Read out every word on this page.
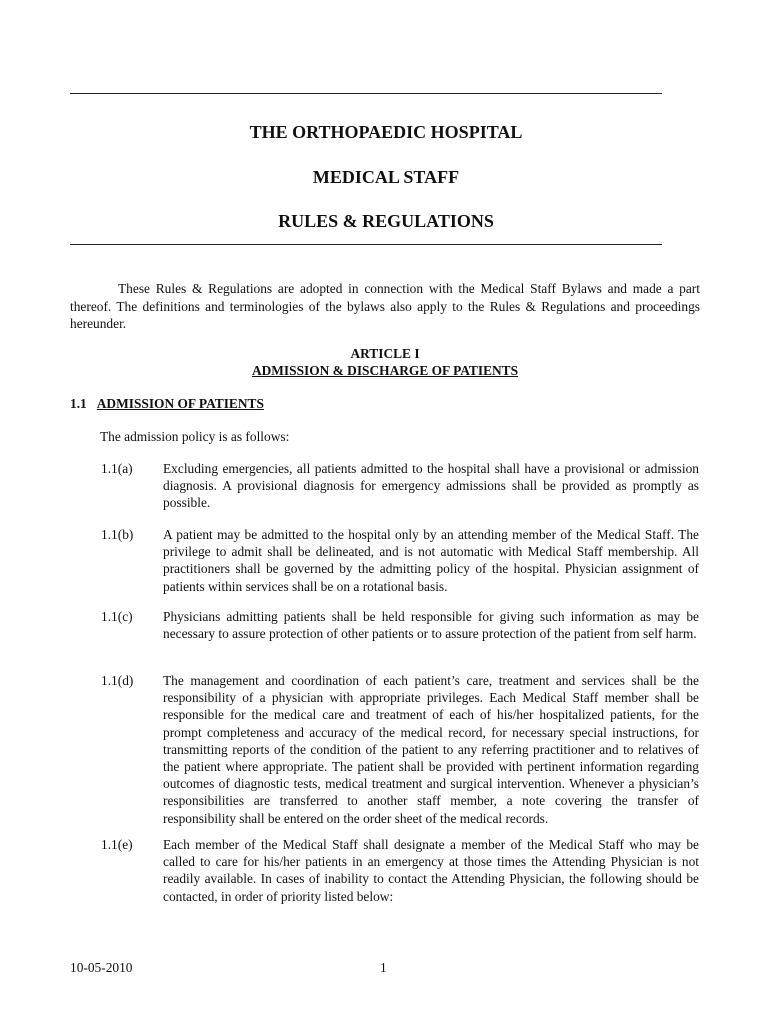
THE ORTHOPAEDIC HOSPITAL
MEDICAL STAFF
RULES & REGULATIONS
These Rules & Regulations are adopted in connection with the Medical Staff Bylaws and made a part thereof. The definitions and terminologies of the bylaws also apply to the Rules & Regulations and proceedings hereunder.
ARTICLE I
ADMISSION & DISCHARGE OF PATIENTS
1.1 ADMISSION OF PATIENTS
The admission policy is as follows:
1.1(a) Excluding emergencies, all patients admitted to the hospital shall have a provisional or admission diagnosis. A provisional diagnosis for emergency admissions shall be provided as promptly as possible.
1.1(b) A patient may be admitted to the hospital only by an attending member of the Medical Staff. The privilege to admit shall be delineated, and is not automatic with Medical Staff membership. All practitioners shall be governed by the admitting policy of the hospital. Physician assignment of patients within services shall be on a rotational basis.
1.1(c) Physicians admitting patients shall be held responsible for giving such information as may be necessary to assure protection of other patients or to assure protection of the patient from self harm.
1.1(d) The management and coordination of each patient’s care, treatment and services shall be the responsibility of a physician with appropriate privileges. Each Medical Staff member shall be responsible for the medical care and treatment of each of his/her hospitalized patients, for the prompt completeness and accuracy of the medical record, for necessary special instructions, for transmitting reports of the condition of the patient to any referring practitioner and to relatives of the patient where appropriate. The patient shall be provided with pertinent information regarding outcomes of diagnostic tests, medical treatment and surgical intervention. Whenever a physician’s responsibilities are transferred to another staff member, a note covering the transfer of responsibility shall be entered on the order sheet of the medical records.
1.1(e) Each member of the Medical Staff shall designate a member of the Medical Staff who may be called to care for his/her patients in an emergency at those times the Attending Physician is not readily available. In cases of inability to contact the Attending Physician, the following should be contacted, in order of priority listed below:
10-05-2010	1
